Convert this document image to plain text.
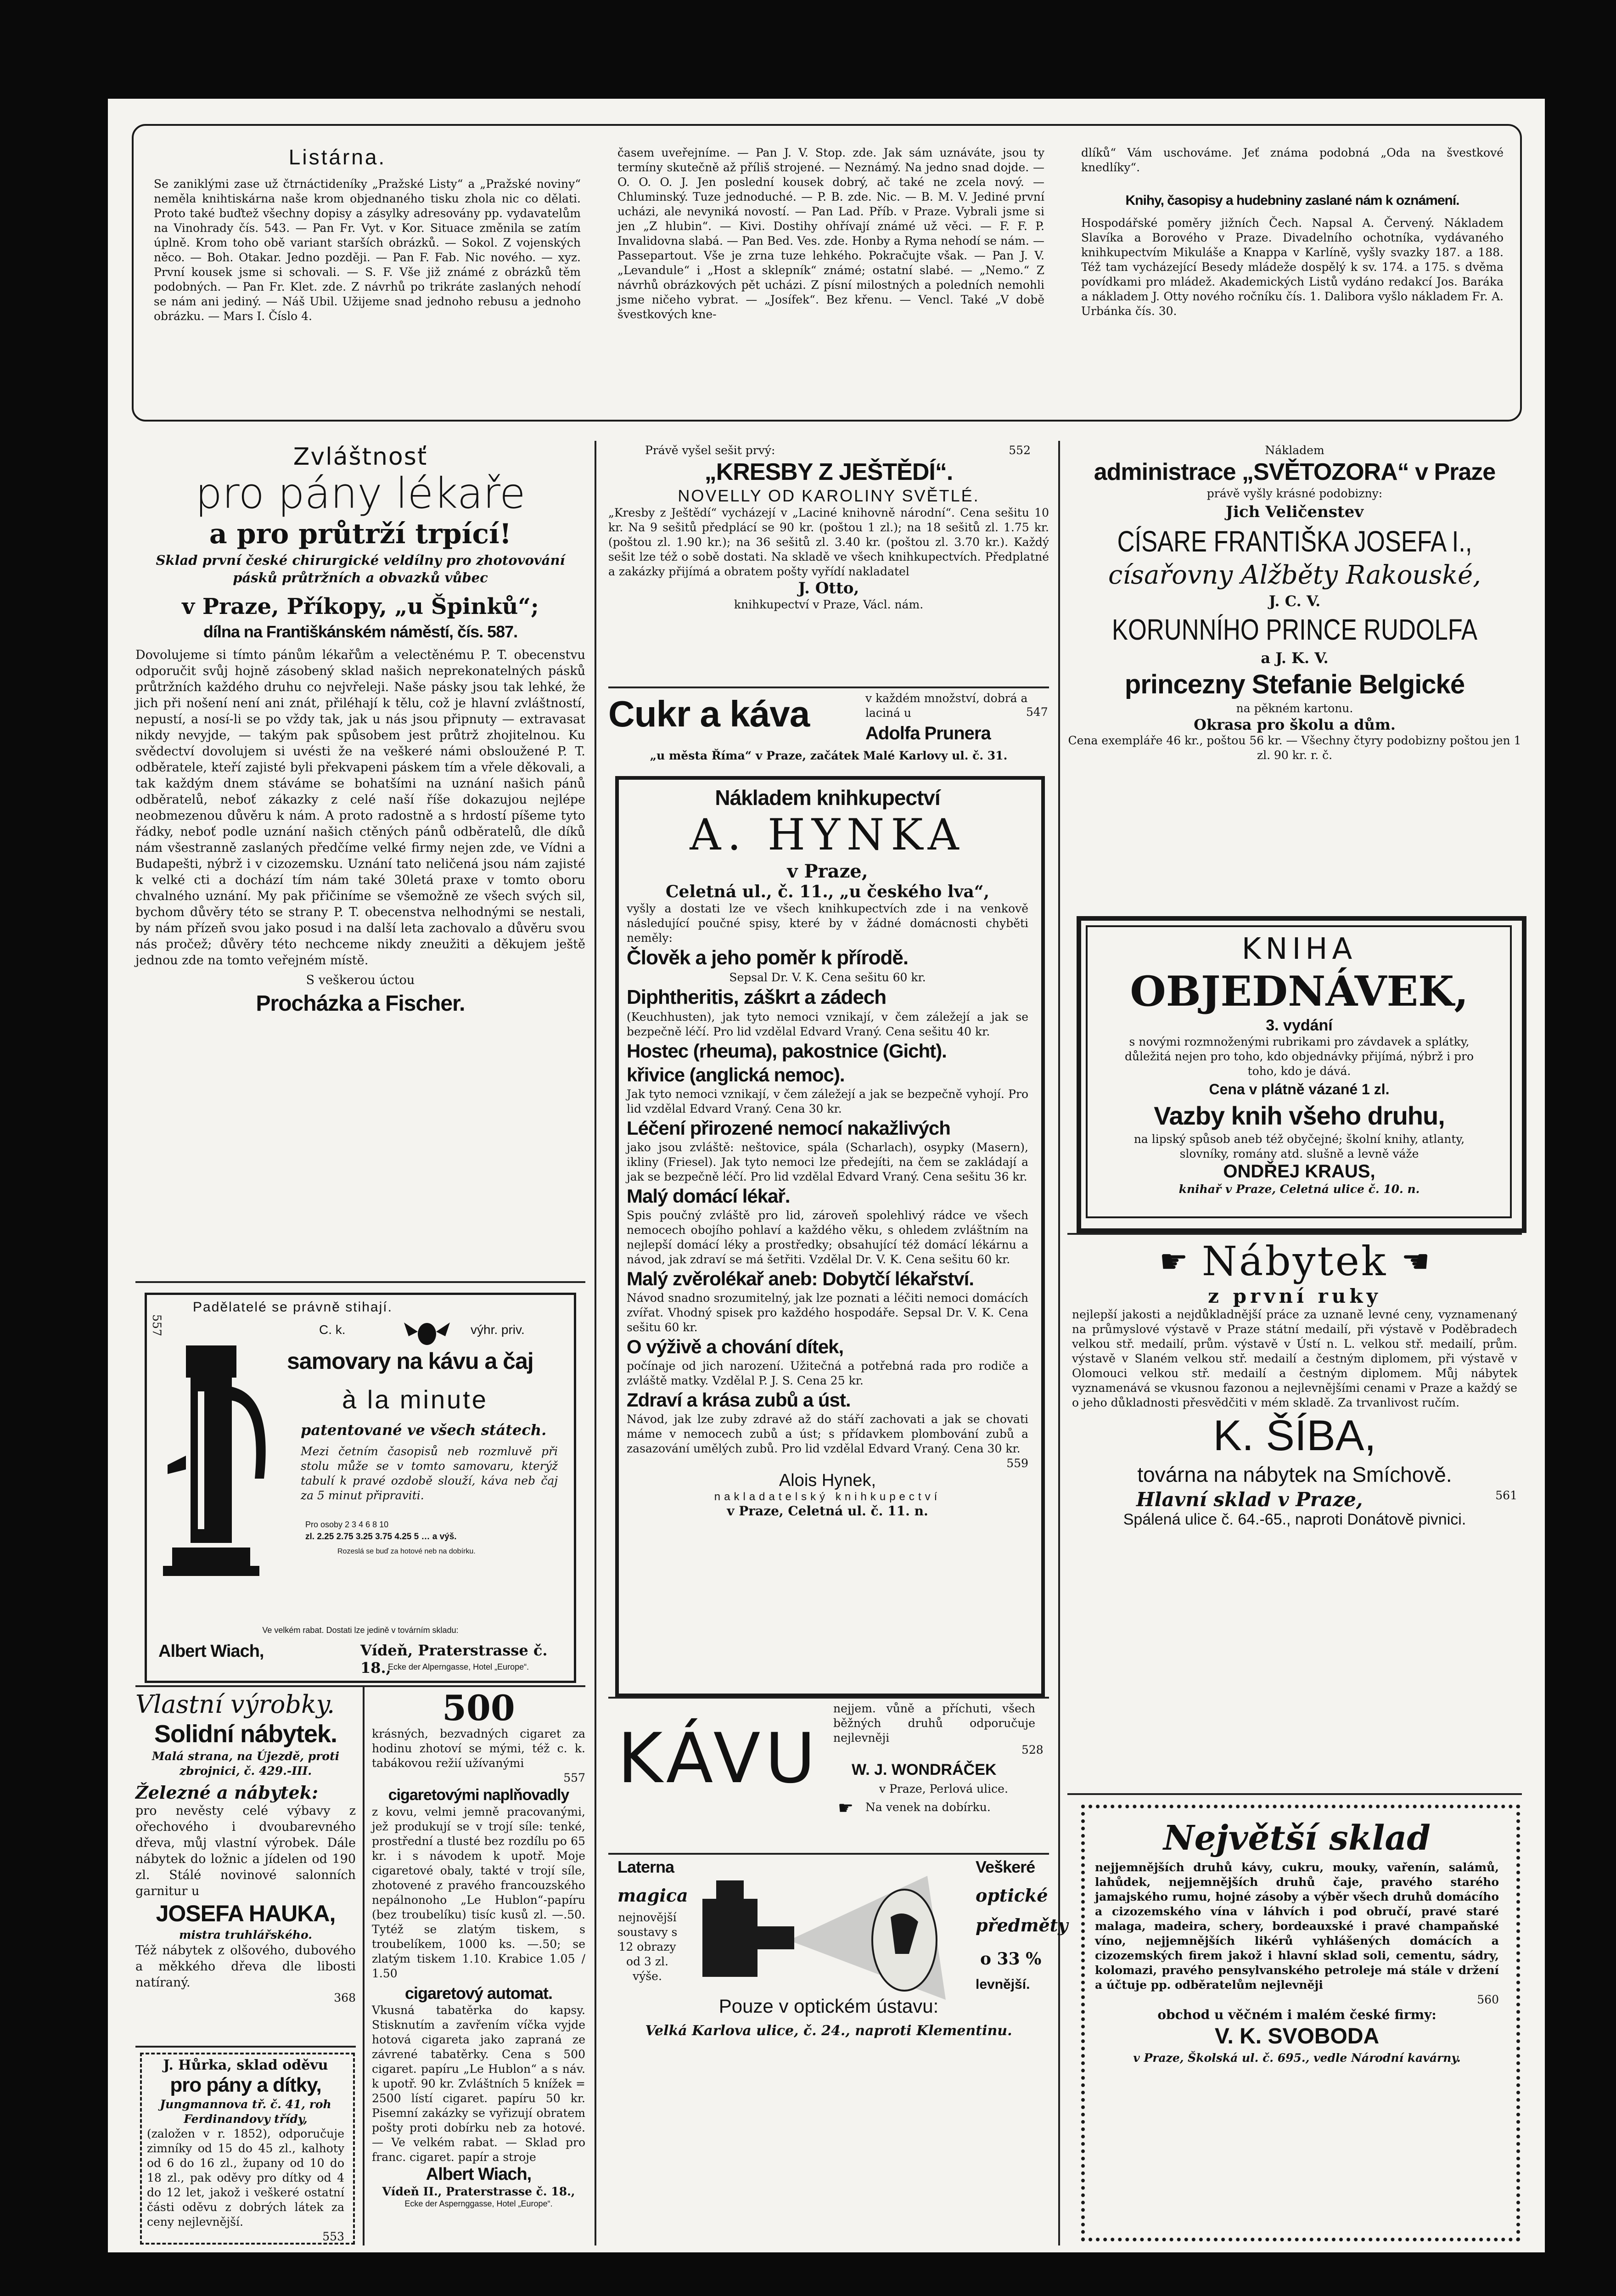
Listárna.

Se zaniklými zase už čtrnáctideníky „Pražské Listy“ a „Pražské noviny“ neměla knihtiskárna naše krom objednaného tisku zhola nic co dělati. Proto také buďtež všechny dopisy a zásylky adresovány pp. vydavatelům na Vinohrady čís. 543. — Pan Fr. Vyt. v Kor. Situace změnila se zatím úplně. Krom toho obě variant starších obrázků. — Sokol. Z vojenských něco. — Boh. Otakar. Jedno později. — Pan F. Fab. Nic nového. — xyz. První kousek jsme si schovali. — S. F. Vše již známé z obrázků těm podobných. — Pan Fr. Klet. zde. Z návrhů po trikráte zaslaných nehodí se nám ani jediný. — Náš Ubil. Užijeme snad jednoho rebusu a jednoho obrázku. — Mars I. Číslo 4.

časem uveřejníme. — Pan J. V. Stop. zde. Jak sám uznáváte, jsou ty termíny skutečně až příliš strojené. — Neznámý. Na jedno snad dojde. — O. O. O. J. Jen poslední kousek dobrý, ač také ne zcela nový. — Chluminský. Tuze jednoduché. — P. B. zde. Nic. — B. M. V. Jediné první ucházi, ale nevyniká novostí. — Pan Lad. Příb. v Praze. Vybrali jsme si jen „Z hlubin“. — Kivi. Dostihy ohřívají známé už věci. — F. F. P. Invalidovna slabá. — Pan Bed. Ves. zde. Honby a Ryma nehodí se nám. — Passepartout. Vše je zrna tuze lehkého. Pokračujte však. — Pan J. V. „Levandule“ i „Host a sklepník“ známé; ostatní slabé. — „Nemo.“ Z návrhů obrázkových pět ucházi. Z písní milostných a poledních nemohli jsme ničeho vybrat. — „Josífek“. Bez křenu. — Vencl. Také „V době švestkových kne-

dlíků“ Vám uschováme. Jeť známa podobná „Oda na švestkové knedlíky“.

Knihy, časopisy a hudebniny zaslané nám k oznámení.

Hospodářské poměry jižních Čech. Napsal A. Červený. Nákladem Slavíka a Borového v Praze. Divadelního ochotníka, vydávaného knihkupectvím Mikuláše a Knappa v Karlíně, vyšly svazky 187. a 188. Též tam vycházející Besedy mládeže dospělý k sv. 174. a 175. s dvěma povídkami pro mládež. Akademických Listů vydáno redakcí Jos. Baráka a nákladem J. Otty nového ročníku čís. 1. Dalibora vyšlo nákladem Fr. A. Urbánka čís. 30.

Zvláštnosť
pro pány lékaře
a pro průtrží trpící!

Sklad první české chirurgické veldílny pro zhotovování pásků průtržních a obvazků vůbec

v Praze, Příkopy, „u Špinků“;
dílna na Františkánském náměstí, čís. 587.

Dovolujeme si tímto pánům lékařům a velectěnému P. T. obecenstvu odporučit svůj hojně zásobený sklad našich neprekonatelných pásků průtržních každého druhu co nejvřeleji. Naše pásky jsou tak lehké, že jich při nošení není ani znát, přiléhají k tělu, což je hlavní zvláštností, nepustí, a nosí-li se po vždy tak, jak u nás jsou připnuty — extravasat nikdy nevyjde, — takým pak spůsobem jest průtrž zhojitelnou. Ku svědectví dovolujem si uvésti že na veškeré námi obsloužené P. T. odběratele, kteří zajisté byli překvapeni páskem tím a vřele děkovali, a tak každým dnem stáváme se bohatšími na uznání našich pánů odběratelů, neboť zákazky z celé naší říše dokazujou nejlépe neobmezenou důvěru k nám. A proto radostně a s hrdostí píšeme tyto řádky, neboť podle uznání našich ctěných pánů odběratelů, dle díků nám všestranně zaslaných předčíme velké firmy nejen zde, ve Vídni a Budapešti, nýbrž i v cizozemsku. Uznání tato neličená jsou nám zajisté k velké cti a dochází tím nám také 30letá praxe v tomto oboru chvalného uznání. My pak přičiníme se všemožně ze všech svých sil, bychom důvěry této se strany P. T. obecenstva nelhodnými se nestali, by nám přízeň svou jako posud i na další leta zachovalo a důvěru svou nás pročež; důvěry této nechceme nikdy zneužiti a děkujem ještě jednou zde na tomto veřejném místě.

S veškerou úctou
Procházka a Fischer.
Padělatelé se právně stihají.
557	C. k.	výhr. priv.
samovary na kávu a čaj
à la minute
patentované ve všech státech.

Mezi četním časopisů neb rozmluvě při stolu může se v tomto samovaru, kterýž tabulí k pravé ozdobě slouží, káva neb čaj za 5 minut připraviti.

Pro osoby 2 3 4 6 8 10
zl. 2.25 2.75 3.25 3.75 4.25 5 … a výš.
Rozeslá se buď za hotové neb na dobírku.
Ve velkém rabat. Dostati lze jedině v továrním skladu:
Albert Wiach,	Vídeň, Praterstrasse č. 18.,
Ecke der Alperngasse, Hotel „Europe“.
Vlastní výrobky.
Solidní nábytek.

Malá strana, na Újezdě, proti zbrojnici, č. 429.-III.

Železné a nábytek:

pro nevěsty celé výbavy z ořechového i dvoubarevného dřeva, můj vlastní výrobek. Dále nábytek do ložnic a jídelen od 190 zl. Stálé novinové salonních garnitur u

JOSEFA HAUKA,
mistra truhlářského.

Též nábytek z olšového, dubového a měkkého dřeva dle libosti natíraný.

368
J. Hůrka, sklad oděvu
pro pány a dítky,

Jungmannova tř. č. 41, roh Ferdinandovy třídy,

(založen v r. 1852), odporučuje zimníky od 15 do 45 zl., kalhoty od 6 do 16 zl., župany od 10 do 18 zl., pak oděvy pro dítky od 4 do 12 let, jakož i veškeré ostatní části oděvu z dobrých látek za ceny nejlevnější.

553
500

krásných, bezvadných cigaret za hodinu zhotoví se mými, též c. k. tabákovou režií užívanými

557
cigaretovými naplňovadly

z kovu, velmi jemně pracovanými, jež produkují se v trojí síle: tenké, prostřední a tlusté bez rozdílu po 65 kr. i s návodem k upotř. Moje cigaretové obaly, takté v trojí síle, zhotovené z pravého francouzského nepálnonoho „Le Hublon“-papíru (bez troubelíku) tisíc kusů zl. —.50. Tytéž se zlatým tiskem, s troubelíkem, 1000 ks. —.50; se zlatým tiskem 1.10. Krabice 1.05 / 1.50

cigaretový automat.

Vkusná tabatěrka do kapsy. Stisknutím a zavřením víčka vyjde hotová cigareta jako zapraná ze závrené tabatěrky. Cena s 500 cigaret. papíru „Le Hublon“ a s náv. k upotř. 90 kr. Zvláštních 5 knížek = 2500 lístí cigaret. papíru 50 kr. Pisemní zakázky se vyřizují obratem pošty proti dobírku neb za hotové. — Ve velkém rabat. — Sklad pro franc. cigaret. papír a stroje

Albert Wiach,
Vídeň II., Praterstrasse č. 18.,
Ecke der Aspernggasse, Hotel „Europe“.
Právě vyšel sešit prvý:	552
„KRESBY Z JEŠTĚDÍ“.
NOVELLY OD KAROLINY SVĚTLÉ.

„Kresby z Ještědí“ vycházejí v „Laciné knihovně národní“. Cena sešitu 10 kr. Na 9 sešitů předplácí se 90 kr. (poštou 1 zl.); na 18 sešitů zl. 1.75 kr. (poštou zl. 1.90 kr.); na 36 sešitů zl. 3.40 kr. (poštou zl. 3.70 kr.). Každý sešit lze též o sobě dostati. Na skladě ve všech knihkupectvích. Předplatné a zakázky přijímá a obratem pošty vyřídí nakladatel

J. Otto,
knihkupectví v Praze, Václ. nám.
Cukr a káva	v každém množství, dobrá a laciná u	547
Adolfa Prunera
„u města Říma“ v Praze, začátek Malé Karlovy ul. č. 31.
Nákladem knihkupectví
A. HYNKA
v Praze,
Celetná ul., č. 11., „u českého lva“,

vyšly a dostati lze ve všech knihkupectvích zde i na venkově následující poučné spisy, které by v žádné domácnosti chyběti neměly:

Člověk a jeho poměr k přírodě.
Sepsal Dr. V. K. Cena sešitu 60 kr.
Diphtheritis, záškrt a zádech

(Keuchhusten), jak tyto nemoci vznikají, v čem záležejí a jak se bezpečně léčí. Pro lid vzdělal Edvard Vraný. Cena sešitu 40 kr.

Hostec (rheuma), pakostnice (Gicht).
křivice (anglická nemoc).

Jak tyto nemoci vznikají, v čem záležejí a jak se bezpečně vyhojí. Pro lid vzdělal Edvard Vraný. Cena 30 kr.

Léčení přirozené nemocí nakažlivých

jako jsou zvláště: neštovice, spála (Scharlach), osypky (Masern), ikliny (Friesel). Jak tyto nemoci lze předejíti, na čem se zakládají a jak se bezpečně léčí. Pro lid vzdělal Edvard Vraný. Cena sešitu 36 kr.

Malý domácí lékař.

Spis poučný zvláště pro lid, zároveň spolehlivý rádce ve všech nemocech obojího pohlaví a každého věku, s ohledem zvláštním na nejlepší domácí léky a prostředky; obsahující též domácí lékárnu a návod, jak zdraví se má šetřiti. Vzdělal Dr. V. K. Cena sešitu 60 kr.

Malý zvěrolékař aneb: Dobytčí lékařství.

Návod snadno srozumitelný, jak lze poznati a léčiti nemoci domácích zvířat. Vhodný spisek pro každého hospodáře. Sepsal Dr. V. K. Cena sešitu 60 kr.

O výživě a chování dítek,

počínaje od jich narození. Užitečná a potřebná rada pro rodiče a zvláště matky. Vzdělal P. J. S. Cena 25 kr.

Zdraví a krása zubů a úst.

Návod, jak lze zuby zdravé až do stáří zachovati a jak se chovati máme v nemocech zubů a úst; s přídavkem plombování zubů a zasazování umělých zubů. Pro lid vzdělal Edvard Vraný. Cena 30 kr.

559
Alois Hynek,
nakladatelský knihkupectví
v Praze, Celetná ul. č. 11. n.
KÁVU

nejjem. vůně a příchuti, všech běžných druhů odporučuje nejlevněji

528
W. J. WONDRÁČEK
v Praze, Perlová ulice.
☛ Na venek na dobírku.
Laterna
magica

nejnovější soustavy s 12 obrazy od 3 zl. výše.

Veškeré
optické
předměty
o 33 %
levnější.
Pouze v optickém ústavu:
Velká Karlova ulice, č. 24., naproti Klementinu.
Nákladem
administrace „SVĚTOZORA“ v Praze
právě vyšly krásné podobizny:
Jich Veličenstev
CÍSARE FRANTIŠKA JOSEFA I.,
císařovny Alžběty Rakouské,
J. C. V.
KORUNNÍHO PRINCE RUDOLFA
a J. K. V.
princezny Stefanie Belgické
na pěkném kartonu.
Okrasa pro školu a dům.

Cena exempláře 46 kr., poštou 56 kr. — Všechny čtyry podobizny poštou jen 1 zl. 90 kr. r. č.

KNIHA
OBJEDNÁVEK,
3. vydání

s novými rozmnoženými rubrikami pro závdavek a splátky, důležitá nejen pro toho, kdo objednávky přijímá, nýbrž i pro toho, kdo je dává.

Cena v plátně vázané 1 zl.
Vazby knih všeho druhu,

na lipský spůsob aneb též obyčejné; školní knihy, atlanty, slovníky, romány atd. slušně a levně váže

ONDŘEJ KRAUS,
knihař v Praze, Celetná ulice č. 10. n.
☛ Nábytek ☚
z první ruky

nejlepší jakosti a nejdůkladnější práce za uznaně levné ceny, vyznamenaný na průmyslové výstavě v Praze státní medailí, při výstavě v Poděbradech velkou stř. medailí, prům. výstavě v Ústí n. L. velkou stř. medailí, prům. výstavě v Slaném velkou stř. medailí a čestným diplomem, při výstavě v Olomouci velkou stř. medailí a čestným diplomem. Můj nábytek vyznamenává se vkusnou fazonou a nejlevnějšími cenami v Praze a každý se o jeho důkladnosti přesvědčiti v mém skladě. Za trvanlivost ručím.

K. ŠÍBA,
továrna na nábytek na Smíchově.
Hlavní sklad v Praze,	561
Spálená ulice č. 64.-65., naproti Donátově pivnici.
Největší sklad

nejjemnějších druhů kávy, cukru, mouky, vařenín, salámů, lahůdek, nejjemnějších druhů čaje, pravého starého jamajského rumu, hojné zásoby a výběr všech druhů domácího a cizozemského vína v láhvích i pod obručí, pravé staré malaga, madeira, schery, bordeauxské i pravé champaňské víno, nejjemnějších likérů vyhlášených domácích a cizozemských firem jakož i hlavní sklad soli, cementu, sádry, kolomazi, pravého pensylvanského petroleje má stále v držení a účtuje pp. odběratelům nejlevněji

560
obchod u věčném i malém české firmy:
V. K. SVOBODA
v Praze, Školská ul. č. 695., vedle Národní kavárny.
